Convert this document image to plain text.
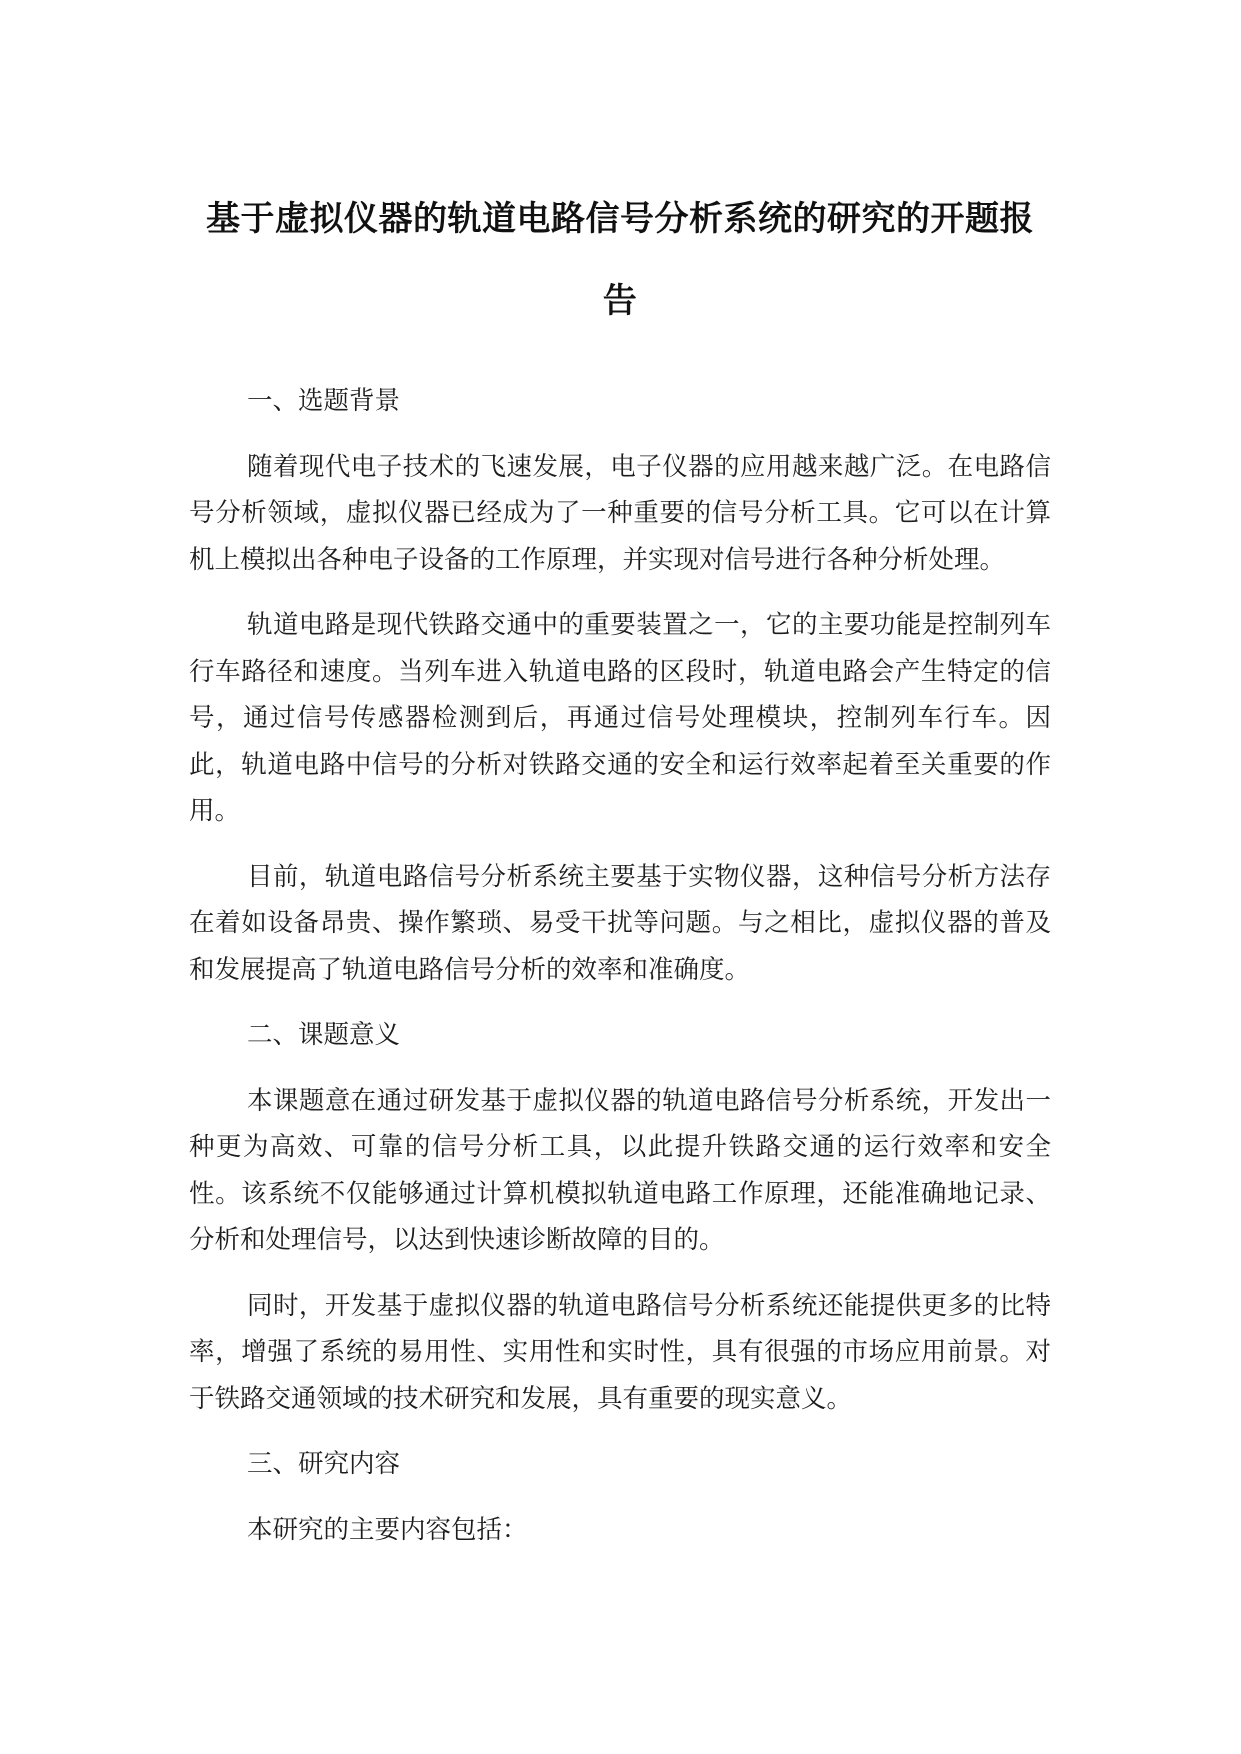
基于虚拟仪器的轨道电路信号分析系统的研究的开题报告
一、选题背景
随着现代电子技术的飞速发展，电子仪器的应用越来越广泛。在电路信号分析领域，虚拟仪器已经成为了一种重要的信号分析工具。它可以在计算机上模拟出各种电子设备的工作原理，并实现对信号进行各种分析处理。
轨道电路是现代铁路交通中的重要装置之一，它的主要功能是控制列车行车路径和速度。当列车进入轨道电路的区段时，轨道电路会产生特定的信号，通过信号传感器检测到后，再通过信号处理模块，控制列车行车。因此，轨道电路中信号的分析对铁路交通的安全和运行效率起着至关重要的作用。
目前，轨道电路信号分析系统主要基于实物仪器，这种信号分析方法存在着如设备昂贵、操作繁琐、易受干扰等问题。与之相比，虚拟仪器的普及和发展提高了轨道电路信号分析的效率和准确度。
二、课题意义
本课题意在通过研发基于虚拟仪器的轨道电路信号分析系统，开发出一种更为高效、可靠的信号分析工具，以此提升铁路交通的运行效率和安全性。该系统不仅能够通过计算机模拟轨道电路工作原理，还能准确地记录、分析和处理信号，以达到快速诊断故障的目的。
同时，开发基于虚拟仪器的轨道电路信号分析系统还能提供更多的比特率，增强了系统的易用性、实用性和实时性，具有很强的市场应用前景。对于铁路交通领域的技术研究和发展，具有重要的现实意义。
三、研究内容
本研究的主要内容包括：
